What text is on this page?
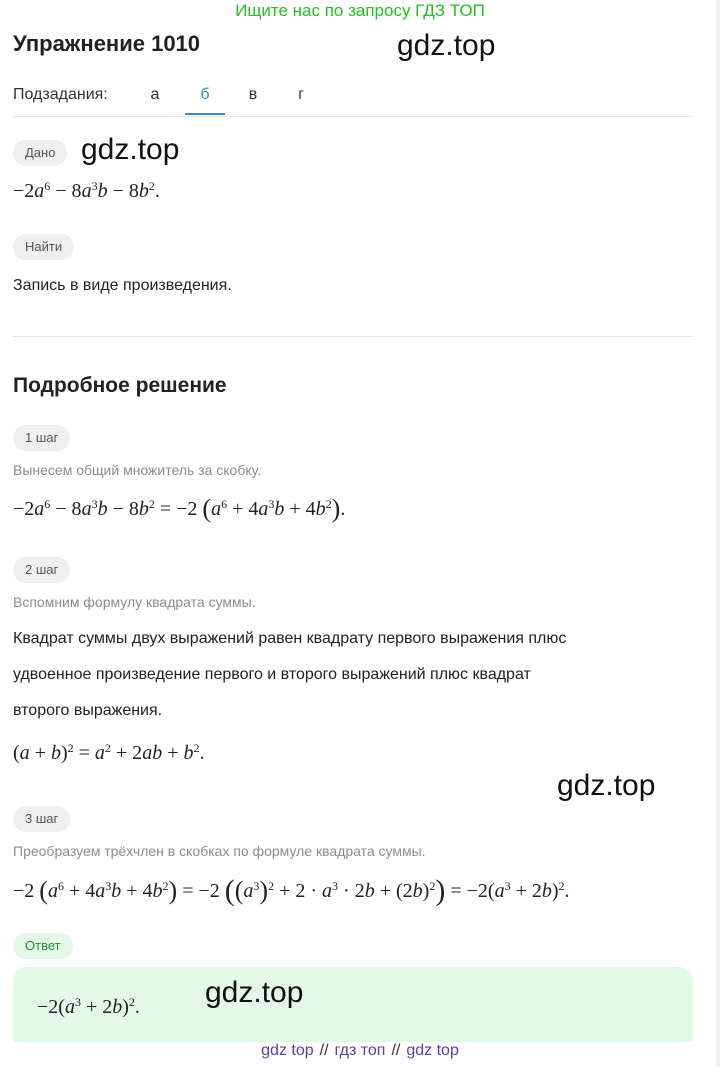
Ищите нас по запросу ГДЗ ТОП
Упражнение 1010	gdz.top
Подзадания:	а	б	в	г
Дано gdz.top
$-2a^6 - 8a^3b - 8b^2$.
Найти
Запись в виде произведения.
Подробное решение
1 шаг
Вынесем общий множитель за скобку.
$-2a^6 - 8a^3b - 8b^2 = -2$ $(a^6 + 4a^3b + 4b^2)$.
2 шаг
Вспомним формулу квадрата суммы.
Квадрат суммы двух выражений равен квадрату первого выражения плюс
удвоенное произведение первого и второго выражений плюс квадрат
второго выражения.
$(a + b)^2 = a^2 + 2ab + b^2$.
gdz.top
3 шаг
Преобразуем трёхчлен в скобках по формуле квадрата суммы.
−2 $(a^6 + 4a^3b + 4b^2) = -2$ $((a^3)^2 + 2 \cdot a^3 \cdot 2b + (2b)^2) = -2(a^3 + 2b)^2$.
Ответ
$-2(a^3 + 2b)^2$. gdz.top
gdz top // гдз топ // gdz top
